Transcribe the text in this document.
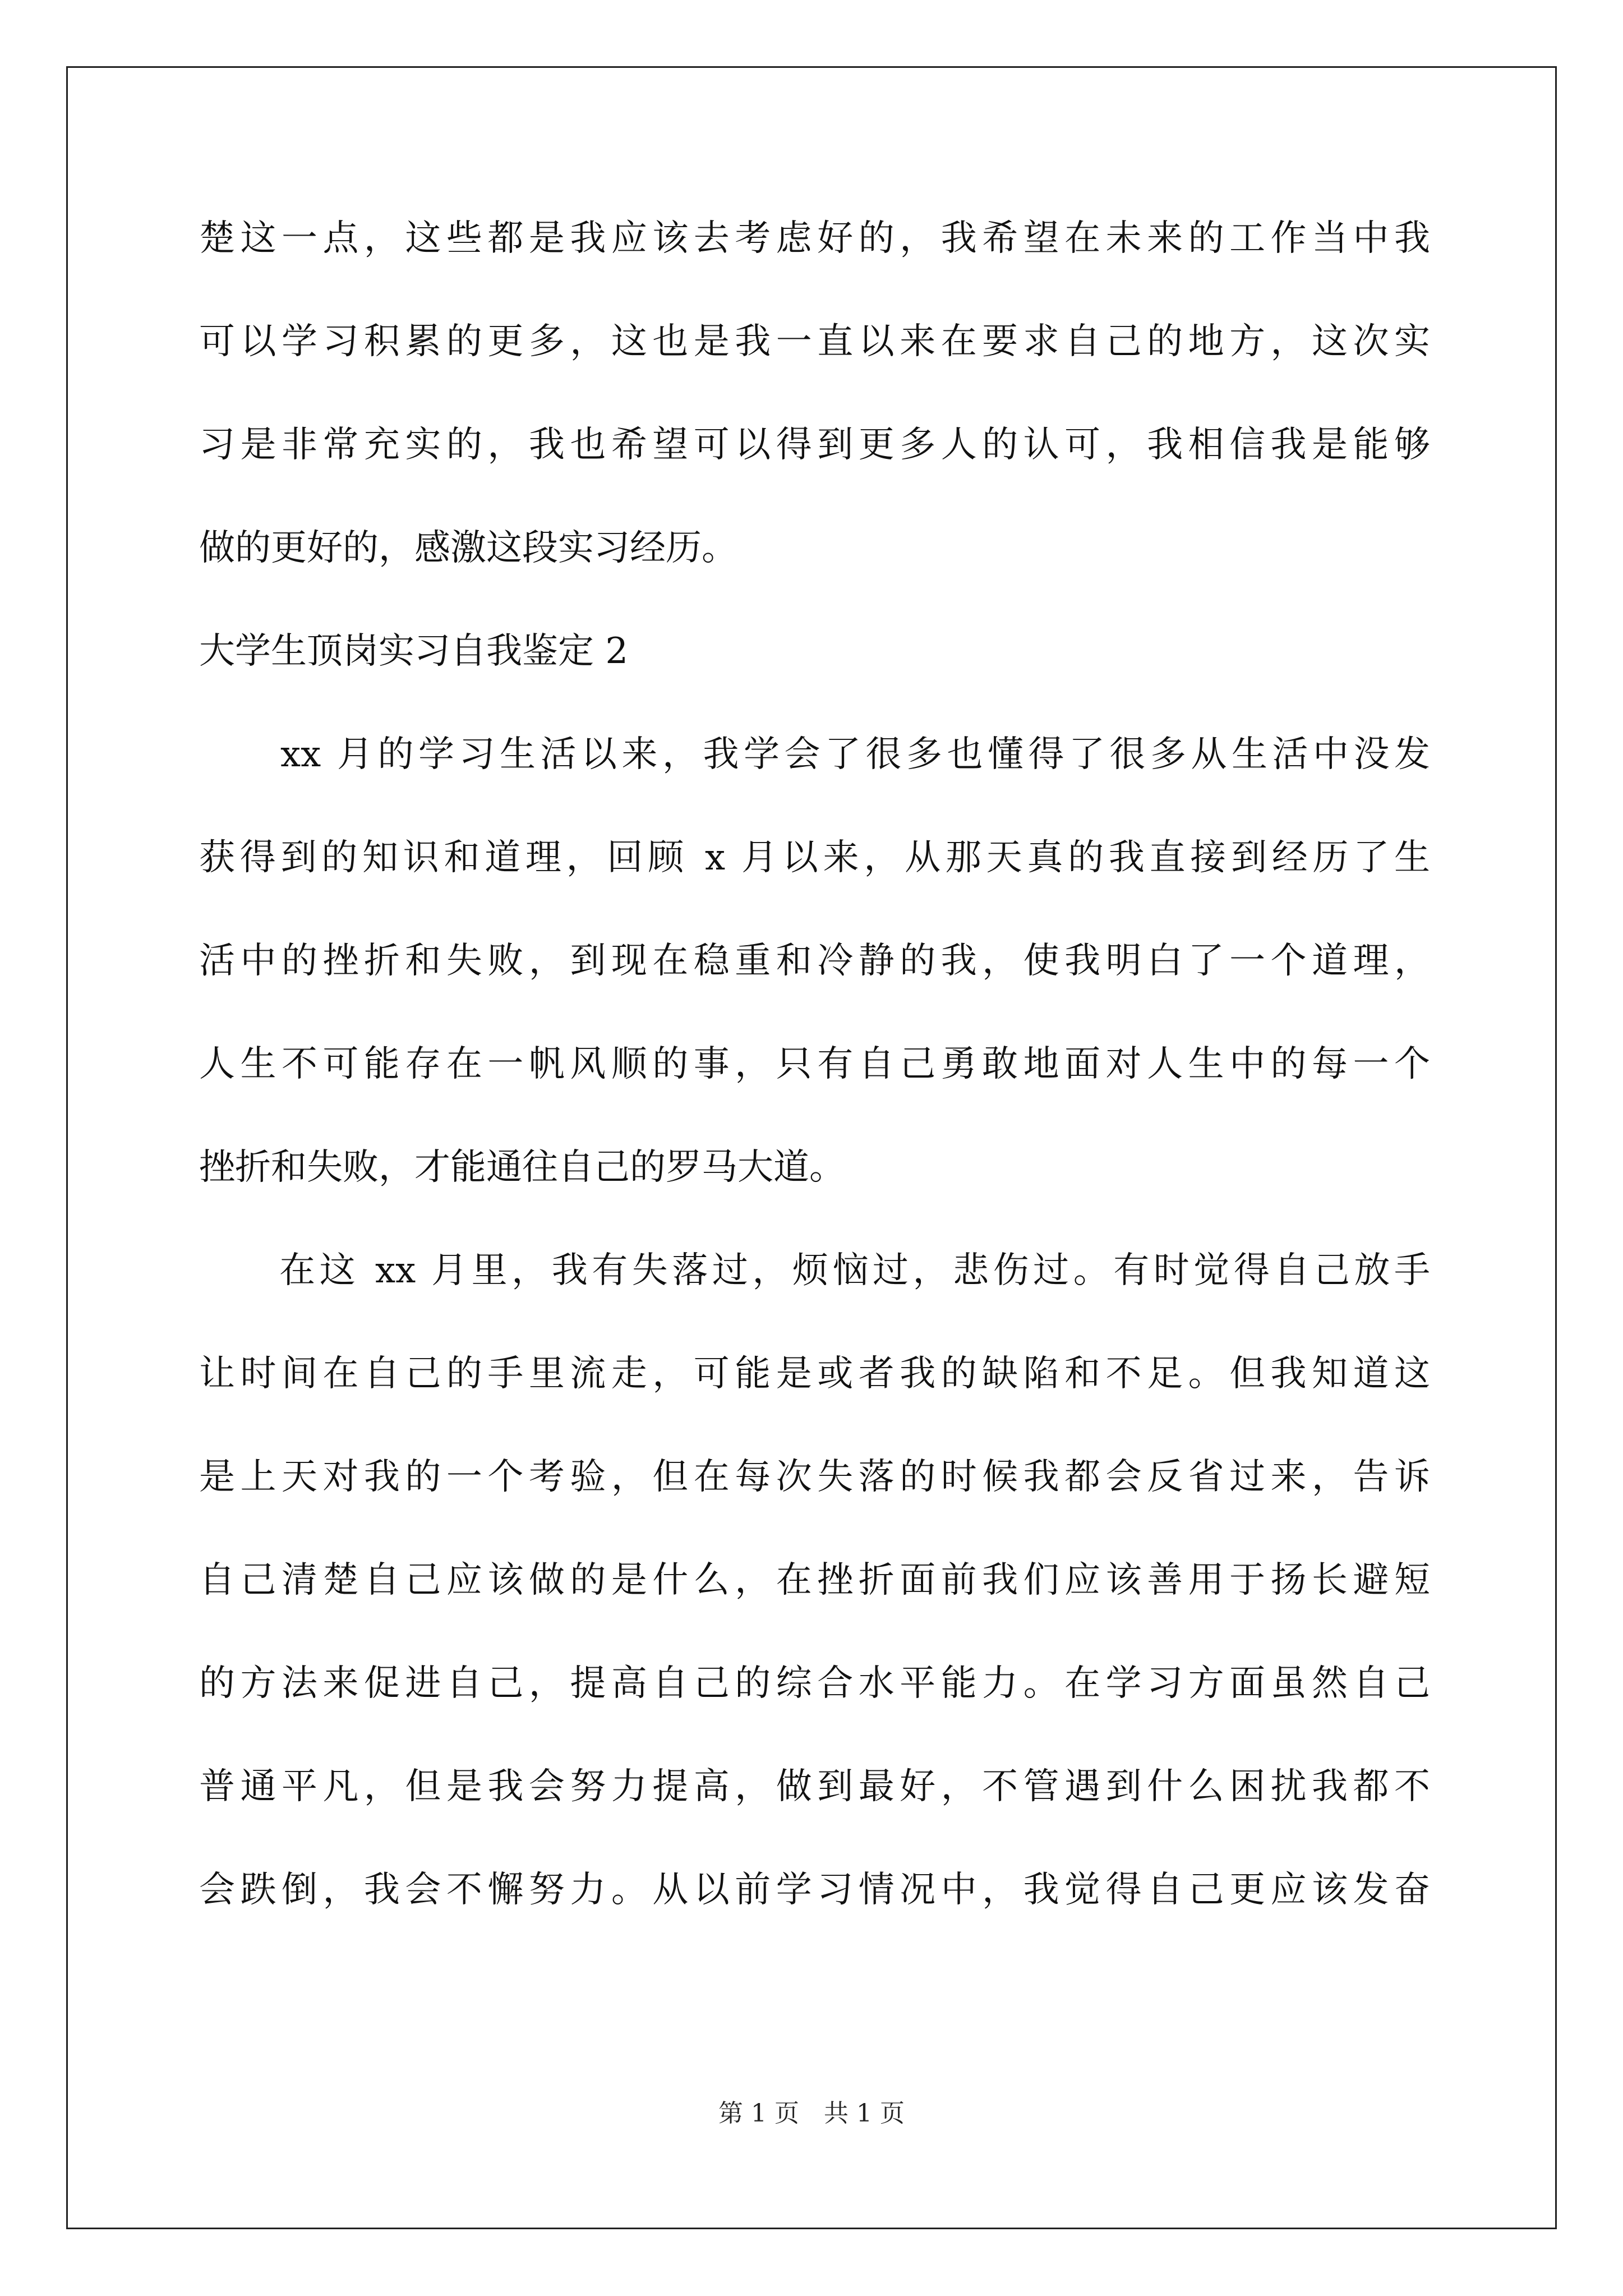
楚这一点，这些都是我应该去考虑好的，我希望在未来的工作当中我
可以学习积累的更多，这也是我一直以来在要求自己的地方，这次实
习是非常充实的，我也希望可以得到更多人的认可，我相信我是能够
做的更好的，感激这段实习经历。
大学生顶岗实习自我鉴定 2
　　xx 月的学习生活以来，我学会了很多也懂得了很多从生活中没发
获得到的知识和道理，回顾 x 月以来，从那天真的我直接到经历了生
活中的挫折和失败，到现在稳重和冷静的我，使我明白了一个道理，
人生不可能存在一帆风顺的事，只有自己勇敢地面对人生中的每一个
挫折和失败，才能通往自己的罗马大道。
　　在这 xx 月里，我有失落过，烦恼过，悲伤过。有时觉得自己放手
让时间在自己的手里流走，可能是或者我的缺陷和不足。但我知道这
是上天对我的一个考验，但在每次失落的时候我都会反省过来，告诉
自己清楚自己应该做的是什么，在挫折面前我们应该善用于扬长避短
的方法来促进自己，提高自己的综合水平能力。在学习方面虽然自己
普通平凡，但是我会努力提高，做到最好，不管遇到什么困扰我都不
会跌倒，我会不懈努力。从以前学习情况中，我觉得自己更应该发奋
第 1 页　共 1 页
